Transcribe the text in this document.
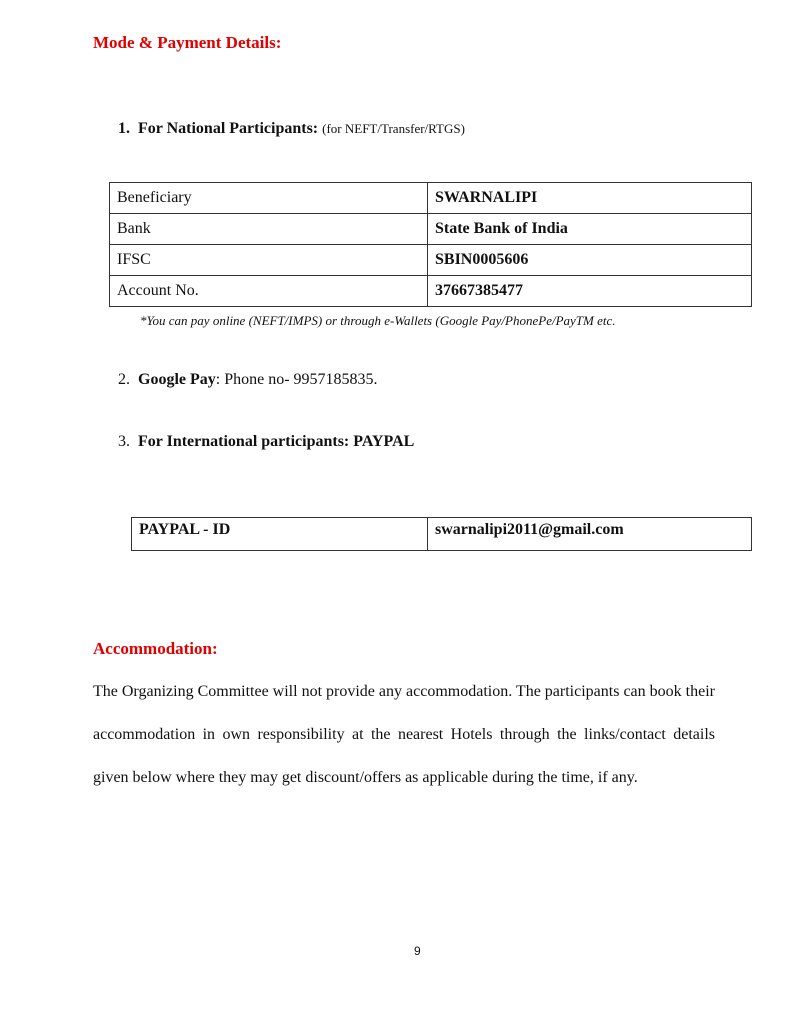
Mode & Payment Details:
1. For National Participants: (for NEFT/Transfer/RTGS)
Beneficiary	SWARNALIPI
Bank	State Bank of India
IFSC	SBIN0005606
Account No.	37667385477
*You can pay online (NEFT/IMPS) or through e-Wallets (Google Pay/PhonePe/PayTM etc.
2. Google Pay: Phone no- 9957185835.
3. For International participants: PAYPAL
PAYPAL - ID	swarnalipi2011@gmail.com
Accommodation:
The Organizing Committee will not provide any accommodation. The participants can book their accommodation in own responsibility at the nearest Hotels through the links/contact details given below where they may get discount/offers as applicable during the time, if any.
9
